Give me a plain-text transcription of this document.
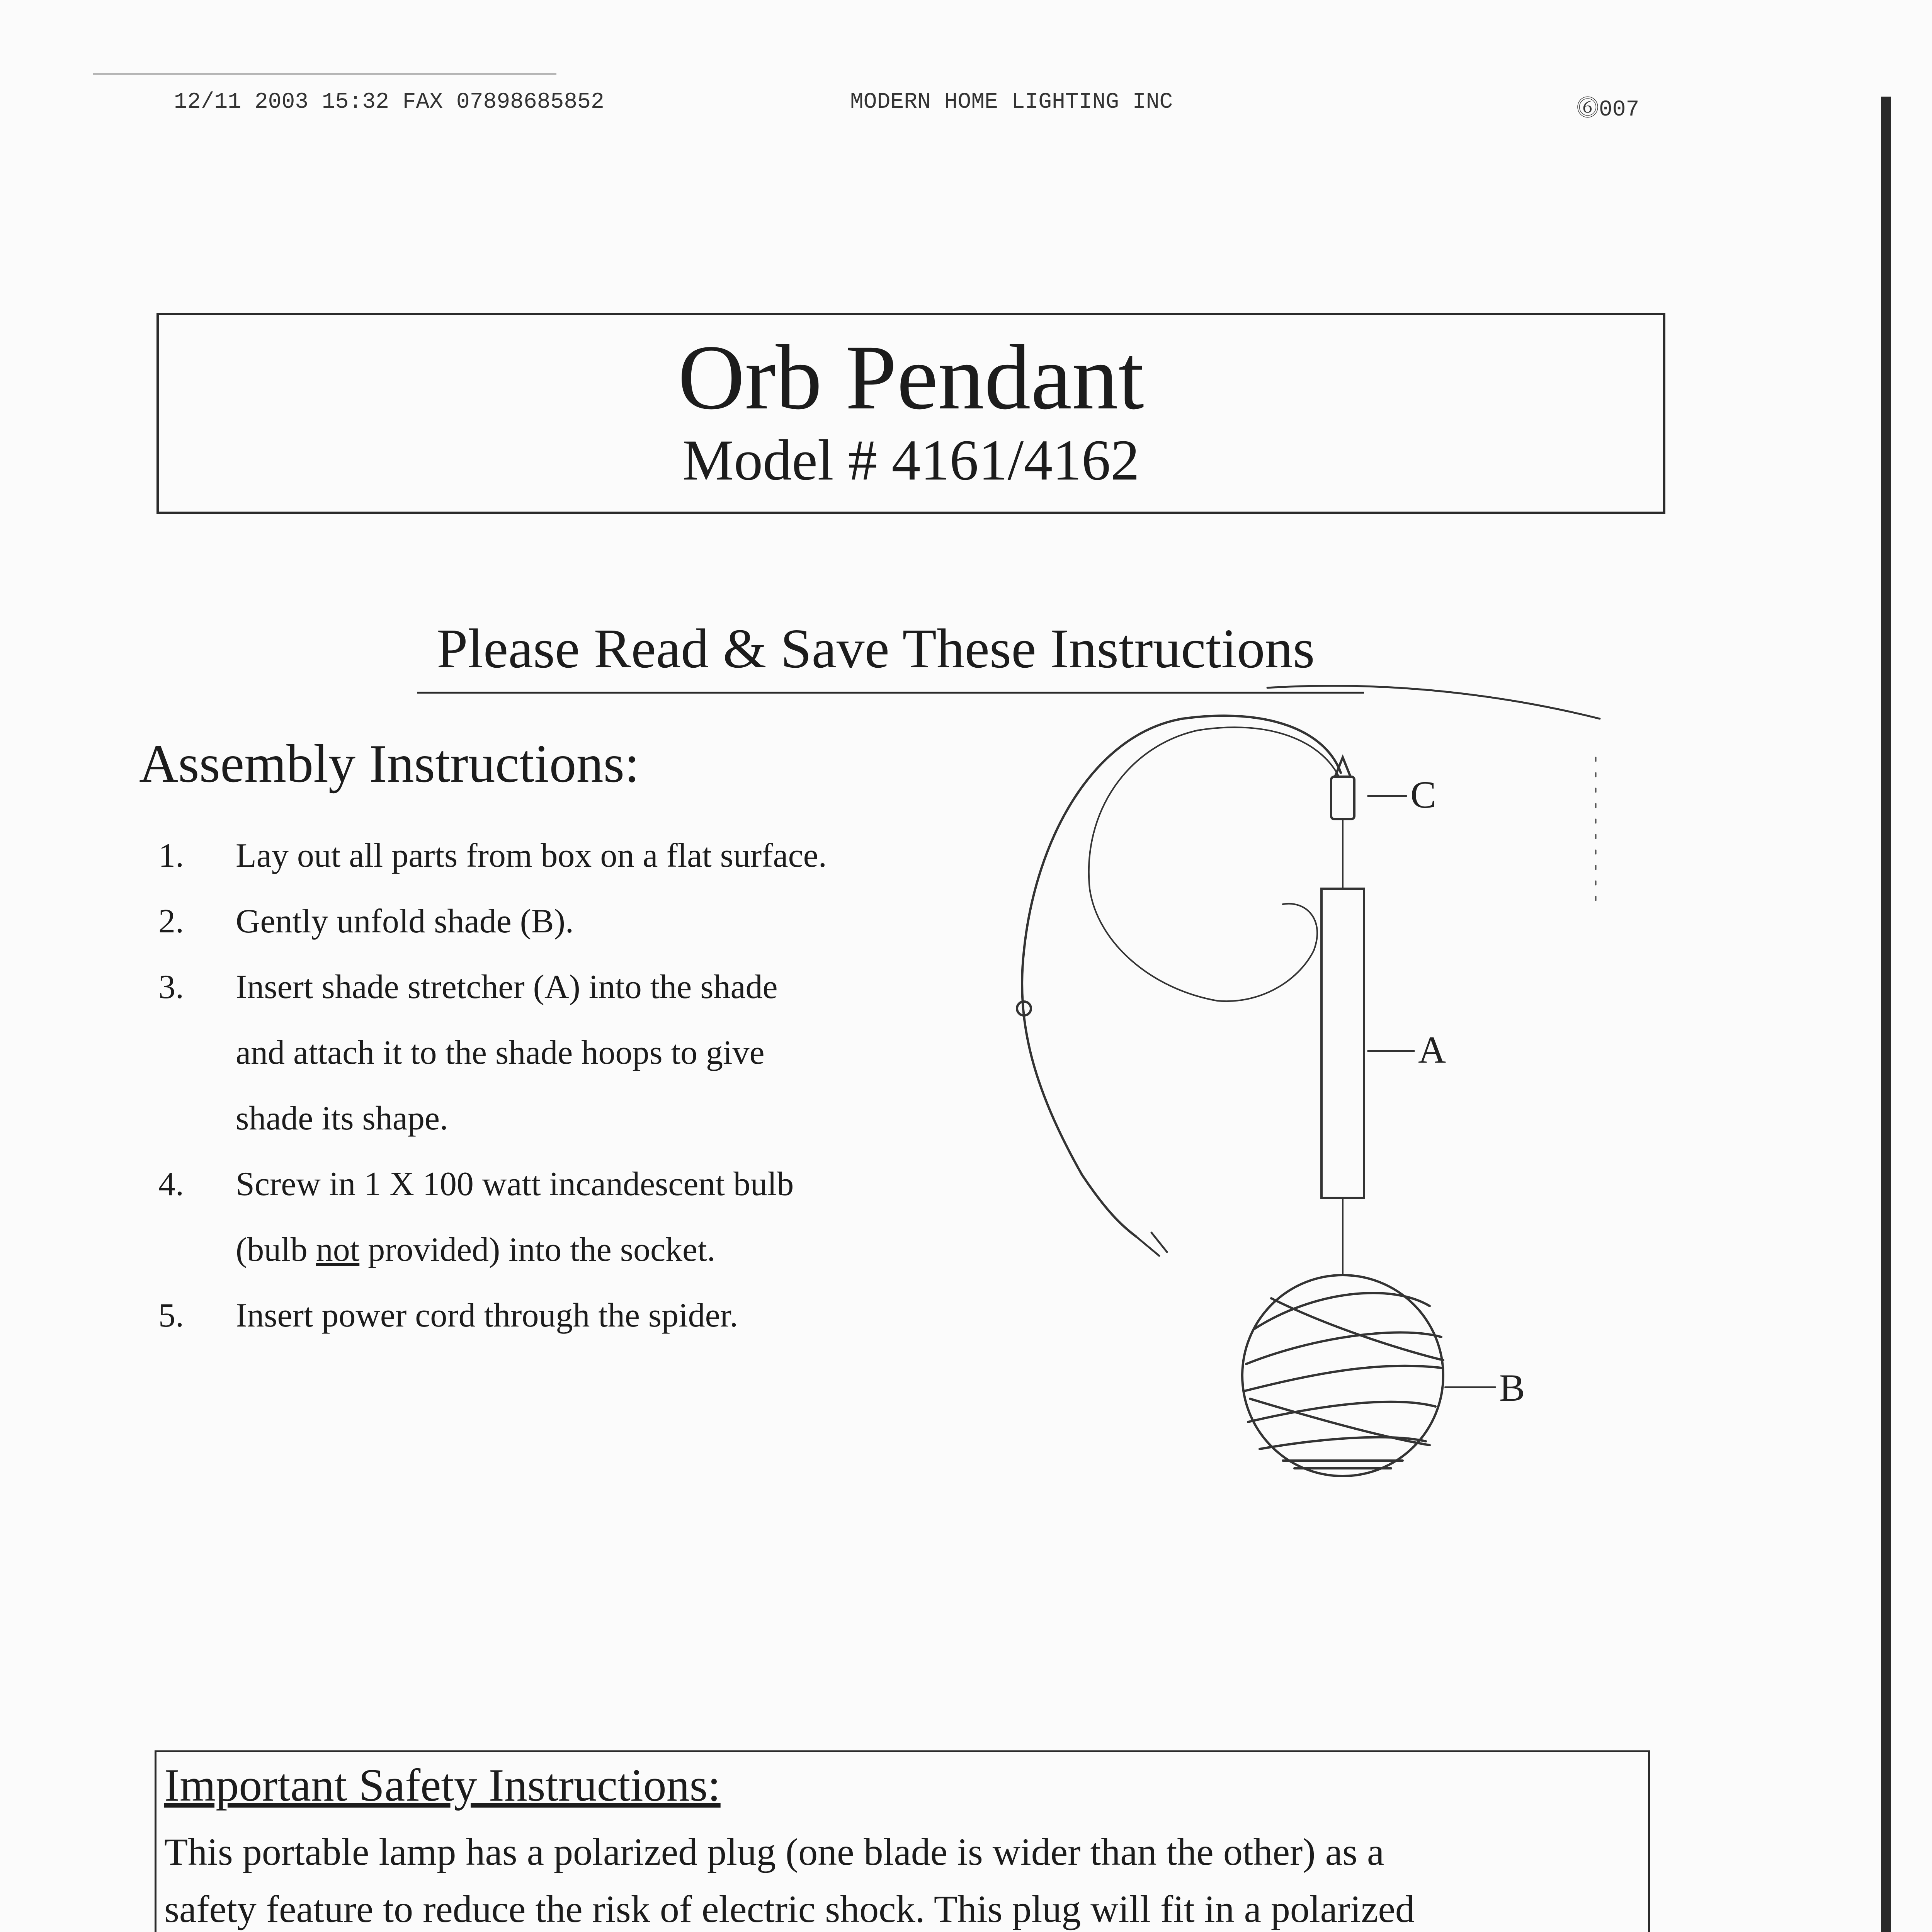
12/11 2003 15:32 FAX 07898685852	MODERN HOME LIGHTING INC	⓺007
Orb Pendant
Model # 4161/4162
Please Read & Save These Instructions
Assembly Instructions:
1. Lay out all parts from box on a flat surface.
2. Gently unfold shade (B).
3. Insert shade stretcher (A) into the shade
and attach it to the shade hoops to give
shade its shape.
4. Screw in 1 X 100 watt incandescent bulb
(bulb not provided) into the socket.
5. Insert power cord through the spider.
C
A
B
Important Safety Instructions:
This portable lamp has a polarized plug (one blade is wider than the other) as a
safety feature to reduce the risk of electric shock. This plug will fit in a polarized
